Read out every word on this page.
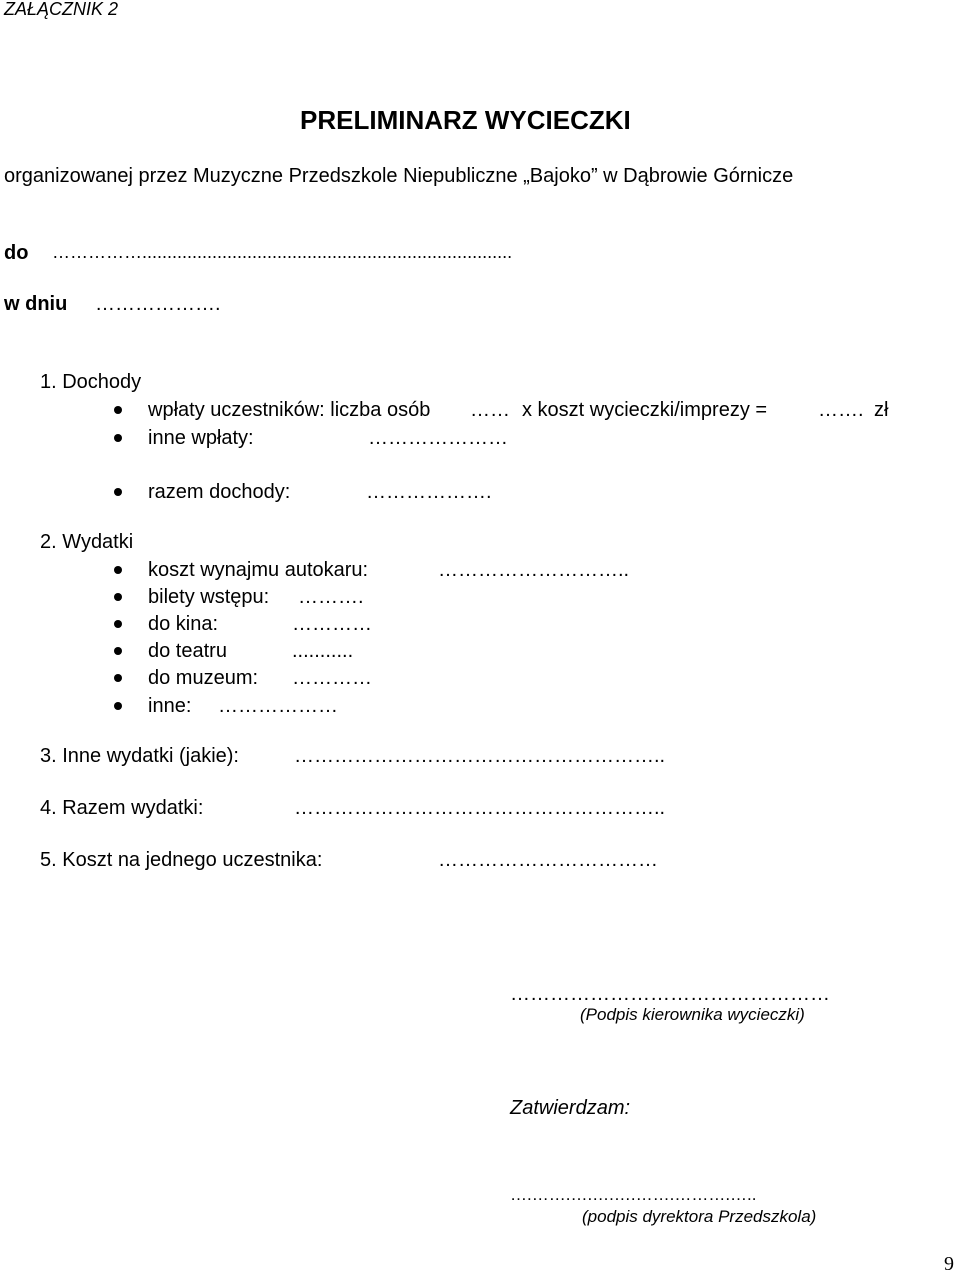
ZAŁĄCZNIK 2
PRELIMINARZ WYCIECZKI
organizowanej przez Muzyczne Przedszkole Niepubliczne „Bajoko” w Dąbrowie Górnicze
do ……………..........................................................................
w dniu ……………….
1. Dochody
wpłaty uczestników: liczba osób …… x koszt wycieczki/imprezy =	……. zł
inne wpłaty:	…………………
razem dochody:	……………….
2. Wydatki
koszt wynajmu autokaru:	………………………..
bilety wstępu: ……….
do kina:	…………
do teatru	...........
do muzeum: …………
inne: ………………
3. Inne wydatki (jakie):	………………………………………………..
4. Razem wydatki:	………………………………………………..
5. Koszt na jednego uczestnika:	……………………………
…………………………………………
(Podpis kierownika wycieczki)
Zatwierdzam:
….…….….….….…….……….…..
(podpis dyrektora Przedszkola)
9
